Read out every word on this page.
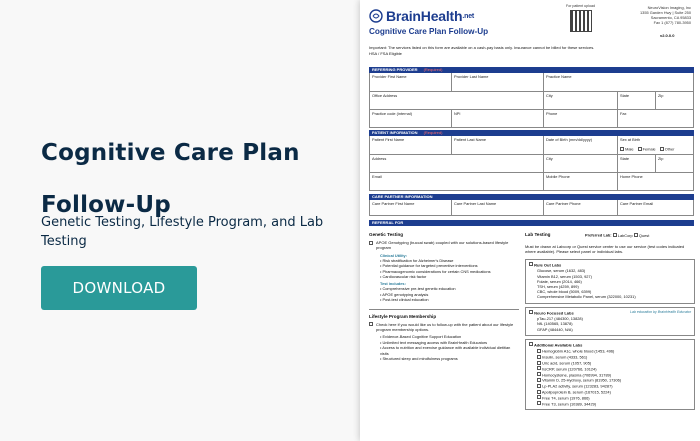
Cognitive Care Plan
Follow-Up
Genetic Testing, Lifestyle Program, and Lab Testing
DOWNLOAD
BrainHealth .net
Cognitive Care Plan Follow-Up
For patient upload	NeuroVision Imaging, Inc
1355 Garden Hwy | Suite 250
Sacramento, CA 95833
Fax 1 (877) 780-3950
v2.0.0.0
Important: The services listed on this form are available on a cash-pay basis only. Insurance cannot be billed for these services.
HSA / FSA Eligible
REFERRING PROVIDER (Required)
Provider First Name	Provider Last Name	Practice Name
Office Address	City	State	Zip
Practice code (internal)	NPI	Phone	Fax
PATIENT INFORMATION (Required)
Patient First Name	Patient Last Name	Date of Birth (mm/dd/yyyy)	Sex at Birth
Male	Female	Other
Address	City	State	Zip
Email	Mobile Phone	Home Phone
CARE PARTNER INFORMATION
Care Partner First Name	Care Partner Last Name	Care Partner Phone	Care Partner Email
REFERRAL FOR
Genetic Testing
APOE Genotyping (buccal swab) coupled with our solutions-based lifestyle program
Clinical Utility:
• Risk stratification for Alzheimer's Disease
• Potential guidance for targeted preventive interventions
• Pharmacogenomic considerations for certain CNS medications
• Cardiovascular risk factor
Test includes:
• Comprehensive pre-test genetic education
• APOE genotyping analysis
• Post-test clinical education
Lifestyle Program Membership
Check here if you would like us to follow-up with the patient about our lifestyle program membership options.
• Evidence-Based Cognitive Support Education
• Unlimited text messaging access with BrainHealth Educators
• Access to nutrition and exercise guidance with available individual dietitian visits
• Structured sleep and mindfulness programs
Lab Testing	Preferred Lab: LabCorp Quest
Must be drawn at Labcorp or Quest service center to use our service (test codes indicated where available). Please select panel or individual labs.
Rule Out Labs
Glucose, serum (1632, 483)
Vitamin B12, serum (1503, 927)
Folate, serum (2014, 466)
TSH, serum (4259, 899)
CBC, whole blood (5009, 6399)
Comprehensive Metabolic Panel, serum (322000, 10231)
Neuro Focused Labs	Lab education by BrainHealth Educator
pTau-217 (484300, 13828)
NfL (140565, 13878)
GFAP (484440, N/A)
Additional Available Labs
Hemoglobin A1c, whole blood (1453, 496)
Insulin, serum (4333, 561)
Uric acid, serum (1057, 905)
hsCRP, serum (120766, 10124)
Homocysteine, plasma (706994, 31789)
Vitamin D, 25-Hydroxy, serum (81950, 17306)
Lp-PLA2 activity, serum (123283, 94287)
Apolipoprotein B, serum (167015, 5224)
Free T4, serum (1976, 866)
Free T3, serum (10389, 34429)
